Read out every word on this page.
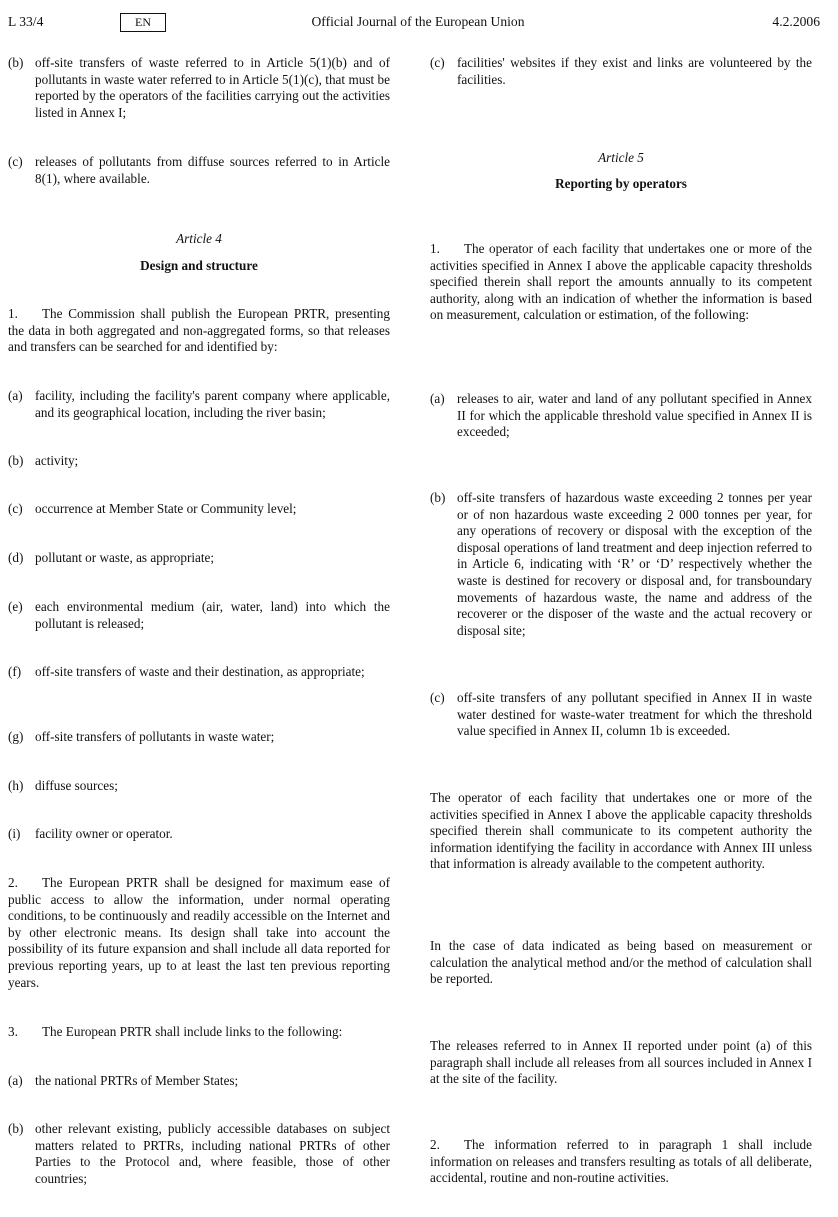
L 33/4	Official Journal of the European Union
EN	4.2.2006
(b) off-site transfers of waste referred to in Article 5(1)(b) and of pollutants in waste water referred to in Article 5(1)(c), that must be reported by the operators of the facilities carrying out the activities listed in Annex I;
(c) releases of pollutants from diffuse sources referred to in Article 8(1), where available.
Article 4
Design and structure
1. The Commission shall publish the European PRTR, presenting the data in both aggregated and non-aggregated forms, so that releases and transfers can be searched for and identified by:
(a) facility, including the facility's parent company where applicable, and its geographical location, including the river basin;
(b) activity;
(c) occurrence at Member State or Community level;
(d) pollutant or waste, as appropriate;
(e) each environmental medium (air, water, land) into which the pollutant is released;
(f) off-site transfers of waste and their destination, as appropriate;
(g) off-site transfers of pollutants in waste water;
(h) diffuse sources;
(i) facility owner or operator.
2. The European PRTR shall be designed for maximum ease of public access to allow the information, under normal operating conditions, to be continuously and readily accessible on the Internet and by other electronic means. Its design shall take into account the possibility of its future expansion and shall include all data reported for previous reporting years, up to at least the last ten previous reporting years.
3. The European PRTR shall include links to the following:
(a) the national PRTRs of Member States;
(b) other relevant existing, publicly accessible databases on subject matters related to PRTRs, including national PRTRs of other Parties to the Protocol and, where feasible, those of other countries;
(c) facilities' websites if they exist and links are volunteered by the facilities.
Article 5
Reporting by operators
1. The operator of each facility that undertakes one or more of the activities specified in Annex I above the applicable capacity thresholds specified therein shall report the amounts annually to its competent authority, along with an indication of whether the information is based on measurement, calculation or estimation, of the following:
(a) releases to air, water and land of any pollutant specified in Annex II for which the applicable threshold value specified in Annex II is exceeded;
(b) off-site transfers of hazardous waste exceeding 2 tonnes per year or of non hazardous waste exceeding 2 000 tonnes per year, for any operations of recovery or disposal with the exception of the disposal operations of land treatment and deep injection referred to in Article 6, indicating with ‘R’ or ‘D’ respectively whether the waste is destined for recovery or disposal and, for transboundary movements of hazardous waste, the name and address of the recoverer or the disposer of the waste and the actual recovery or disposal site;
(c) off-site transfers of any pollutant specified in Annex II in waste water destined for waste-water treatment for which the threshold value specified in Annex II, column 1b is exceeded.
The operator of each facility that undertakes one or more of the activities specified in Annex I above the applicable capacity thresholds specified therein shall communicate to its competent authority the information identifying the facility in accordance with Annex III unless that information is already available to the competent authority.
In the case of data indicated as being based on measurement or calculation the analytical method and/or the method of calculation shall be reported.
The releases referred to in Annex II reported under point (a) of this paragraph shall include all releases from all sources included in Annex I at the site of the facility.
2. The information referred to in paragraph 1 shall include information on releases and transfers resulting as totals of all deliberate, accidental, routine and non-routine activities.
